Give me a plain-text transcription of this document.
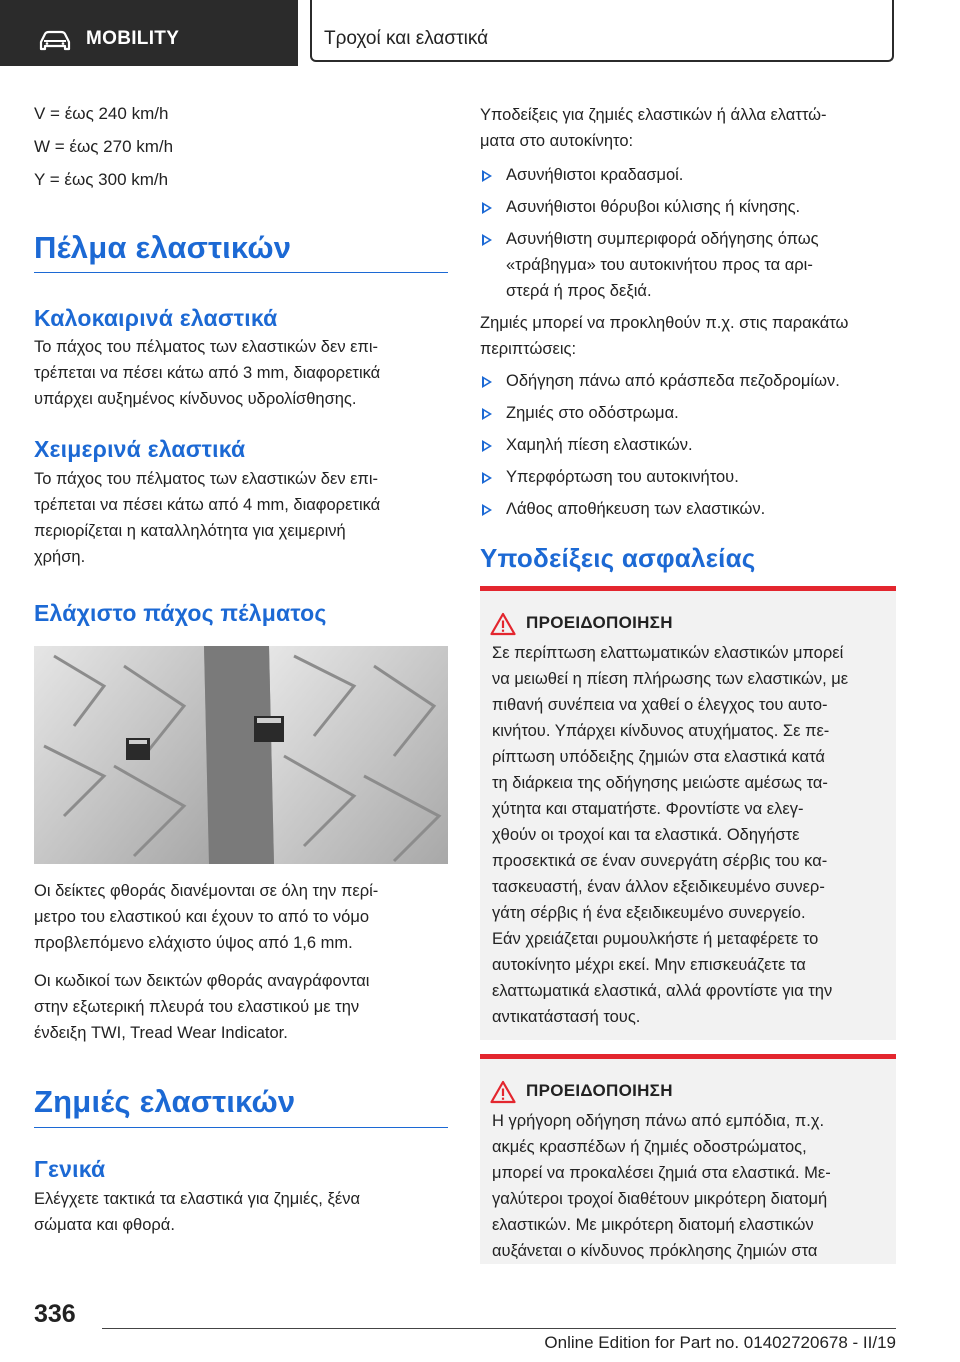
MOBILITY	Τροχοί και ελαστικά
V = έως 240 km/h
W = έως 270 km/h
Y = έως 300 km/h
Πέλμα ελαστικών
Καλοκαιρινά ελαστικά
Το πάχος του πέλματος των ελαστικών δεν επι‐
τρέπεται να πέσει κάτω από 3 mm, διαφορετικά
υπάρχει αυξημένος κίνδυνος υδρολίσθησης.
Χειμερινά ελαστικά
Το πάχος του πέλματος των ελαστικών δεν επι‐
τρέπεται να πέσει κάτω από 4 mm, διαφορετικά
περιορίζεται η καταλληλότητα για χειμερινή
χρήση.
Ελάχιστο πάχος πέλματος
Οι δείκτες φθοράς διανέμονται σε όλη την περί‐
μετρο του ελαστικού και έχουν το από το νόμο
προβλεπόμενο ελάχιστο ύψος από 1,6 mm.
Οι κωδικοί των δεικτών φθοράς αναγράφονται
στην εξωτερική πλευρά του ελαστικού με την
ένδειξη TWI, Tread Wear Indicator.
Ζημιές ελαστικών
Γενικά
Ελέγχετε τακτικά τα ελαστικά για ζημιές, ξένα
σώματα και φθορά.
Υποδείξεις για ζημιές ελαστικών ή άλλα ελαττώ‐
ματα στο αυτοκίνητο:
Ασυνήθιστοι κραδασμοί.
Ασυνήθιστοι θόρυβοι κύλισης ή κίνησης.
Ασυνήθιστη συμπεριφορά οδήγησης όπως
«τράβηγμα» του αυτοκινήτου προς τα αρι‐
στερά ή προς δεξιά.
Ζημιές μπορεί να προκληθούν π.χ. στις παρακάτω
περιπτώσεις:
Οδήγηση πάνω από κράσπεδα πεζοδρομίων.
Ζημιές στο οδόστρωμα.
Χαμηλή πίεση ελαστικών.
Υπερφόρτωση του αυτοκινήτου.
Λάθος αποθήκευση των ελαστικών.
Υποδείξεις ασφαλείας
ΠΡΟΕΙΔΟΠΟΙΗΣΗ
Σε περίπτωση ελαττωματικών ελαστικών μπορεί
να μειωθεί η πίεση πλήρωσης των ελαστικών, με
πιθανή συνέπεια να χαθεί ο έλεγχος του αυτο‐
κινήτου. Υπάρχει κίνδυνος ατυχήματος. Σε πε‐
ρίπτωση υπόδειξης ζημιών στα ελαστικά κατά
τη διάρκεια της οδήγησης μειώστε αμέσως τα‐
χύτητα και σταματήστε. Φροντίστε να ελεγ‐
χθούν οι τροχοί και τα ελαστικά. Οδηγήστε
προσεκτικά σε έναν συνεργάτη σέρβις του κα‐
τασκευαστή, έναν άλλον εξειδικευμένο συνερ‐
γάτη σέρβις ή ένα εξειδικευμένο συνεργείο.
Εάν χρειάζεται ρυμουλκήστε ή μεταφέρετε το
αυτοκίνητο μέχρι εκεί. Μην επισκευάζετε τα
ελαττωματικά ελαστικά, αλλά φροντίστε για την
αντικατάστασή τους.
ΠΡΟΕΙΔΟΠΟΙΗΣΗ
Η γρήγορη οδήγηση πάνω από εμπόδια, π.χ.
ακμές κρασπέδων ή ζημιές οδοστρώματος,
μπορεί να προκαλέσει ζημιά στα ελαστικά. Με‐
γαλύτεροι τροχοί διαθέτουν μικρότερη διατομή
ελαστικών. Με μικρότερη διατομή ελαστικών
αυξάνεται ο κίνδυνος πρόκλησης ζημιών στα
336
Online Edition for Part no. 01402720678 - II/19
